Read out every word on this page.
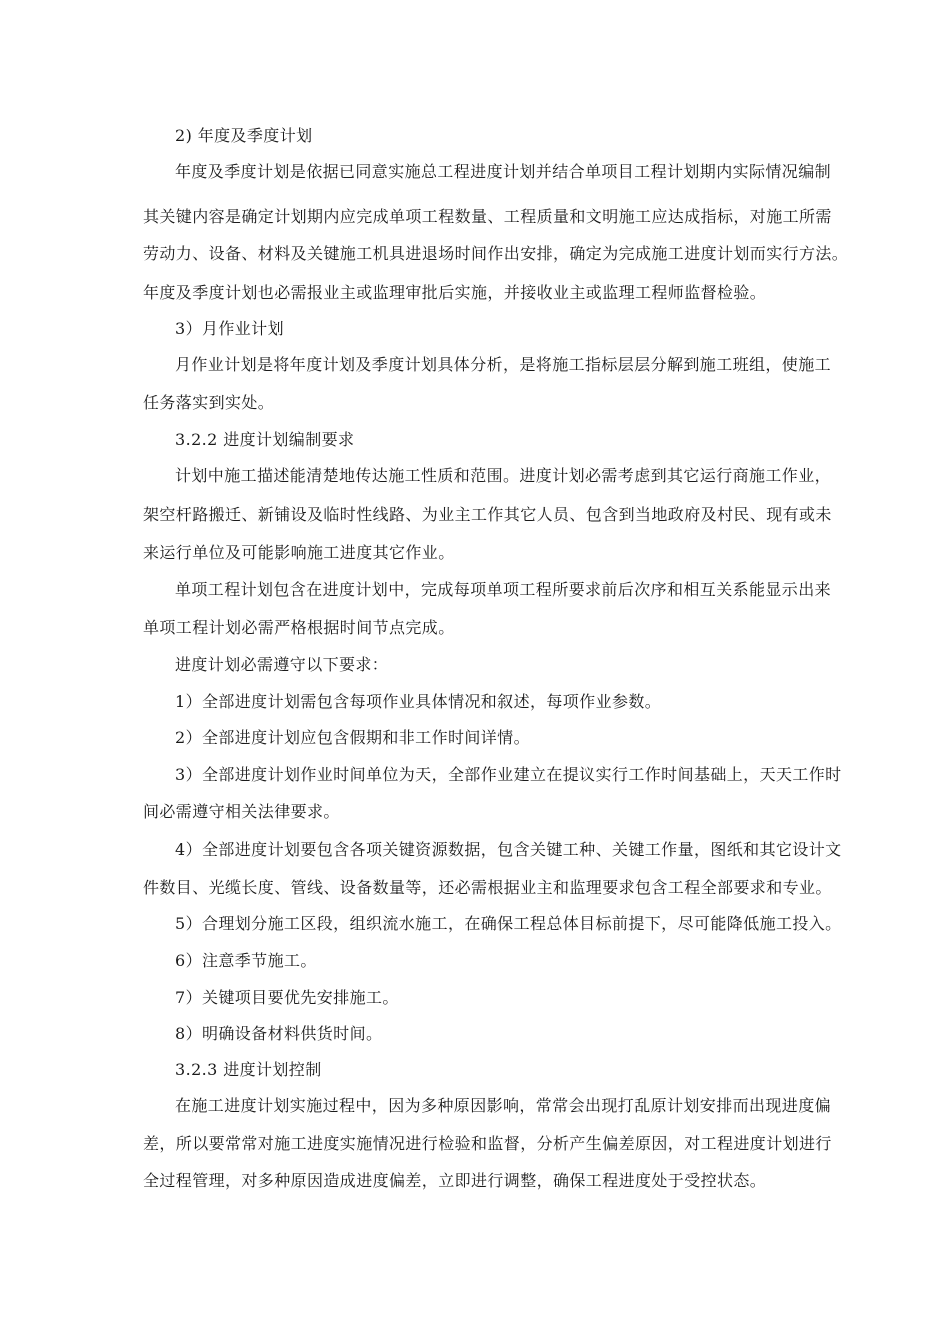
2) 年度及季度计划
年度及季度计划是依据已同意实施总工程进度计划并结合单项目工程计划期内实际情况编制
其关键内容是确定计划期内应完成单项工程数量、工程质量和文明施工应达成指标，对施工所需
劳动力、设备、材料及关键施工机具进退场时间作出安排，确定为完成施工进度计划而实行方法。
年度及季度计划也必需报业主或监理审批后实施，并接收业主或监理工程师监督检验。
3）月作业计划
月作业计划是将年度计划及季度计划具体分析，是将施工指标层层分解到施工班组，使施工
任务落实到实处。
3.2.2 进度计划编制要求
计划中施工描述能清楚地传达施工性质和范围。进度计划必需考虑到其它运行商施工作业，
架空杆路搬迁、新铺设及临时性线路、为业主工作其它人员、包含到当地政府及村民、现有或未
来运行单位及可能影响施工进度其它作业。
单项工程计划包含在进度计划中，完成每项单项工程所要求前后次序和相互关系能显示出来
单项工程计划必需严格根据时间节点完成。
进度计划必需遵守以下要求：
1）全部进度计划需包含每项作业具体情况和叙述，每项作业参数。
2）全部进度计划应包含假期和非工作时间详情。
3）全部进度计划作业时间单位为天，全部作业建立在提议实行工作时间基础上，天天工作时
间必需遵守相关法律要求。
4）全部进度计划要包含各项关键资源数据，包含关键工种、关键工作量，图纸和其它设计文
件数目、光缆长度、管线、设备数量等，还必需根据业主和监理要求包含工程全部要求和专业。
5）合理划分施工区段，组织流水施工，在确保工程总体目标前提下，尽可能降低施工投入。
6）注意季节施工。
7）关键项目要优先安排施工。
8）明确设备材料供货时间。
3.2.3 进度计划控制
在施工进度计划实施过程中，因为多种原因影响，常常会出现打乱原计划安排而出现进度偏
差，所以要常常对施工进度实施情况进行检验和监督，分析产生偏差原因，对工程进度计划进行
全过程管理，对多种原因造成进度偏差，立即进行调整，确保工程进度处于受控状态。
